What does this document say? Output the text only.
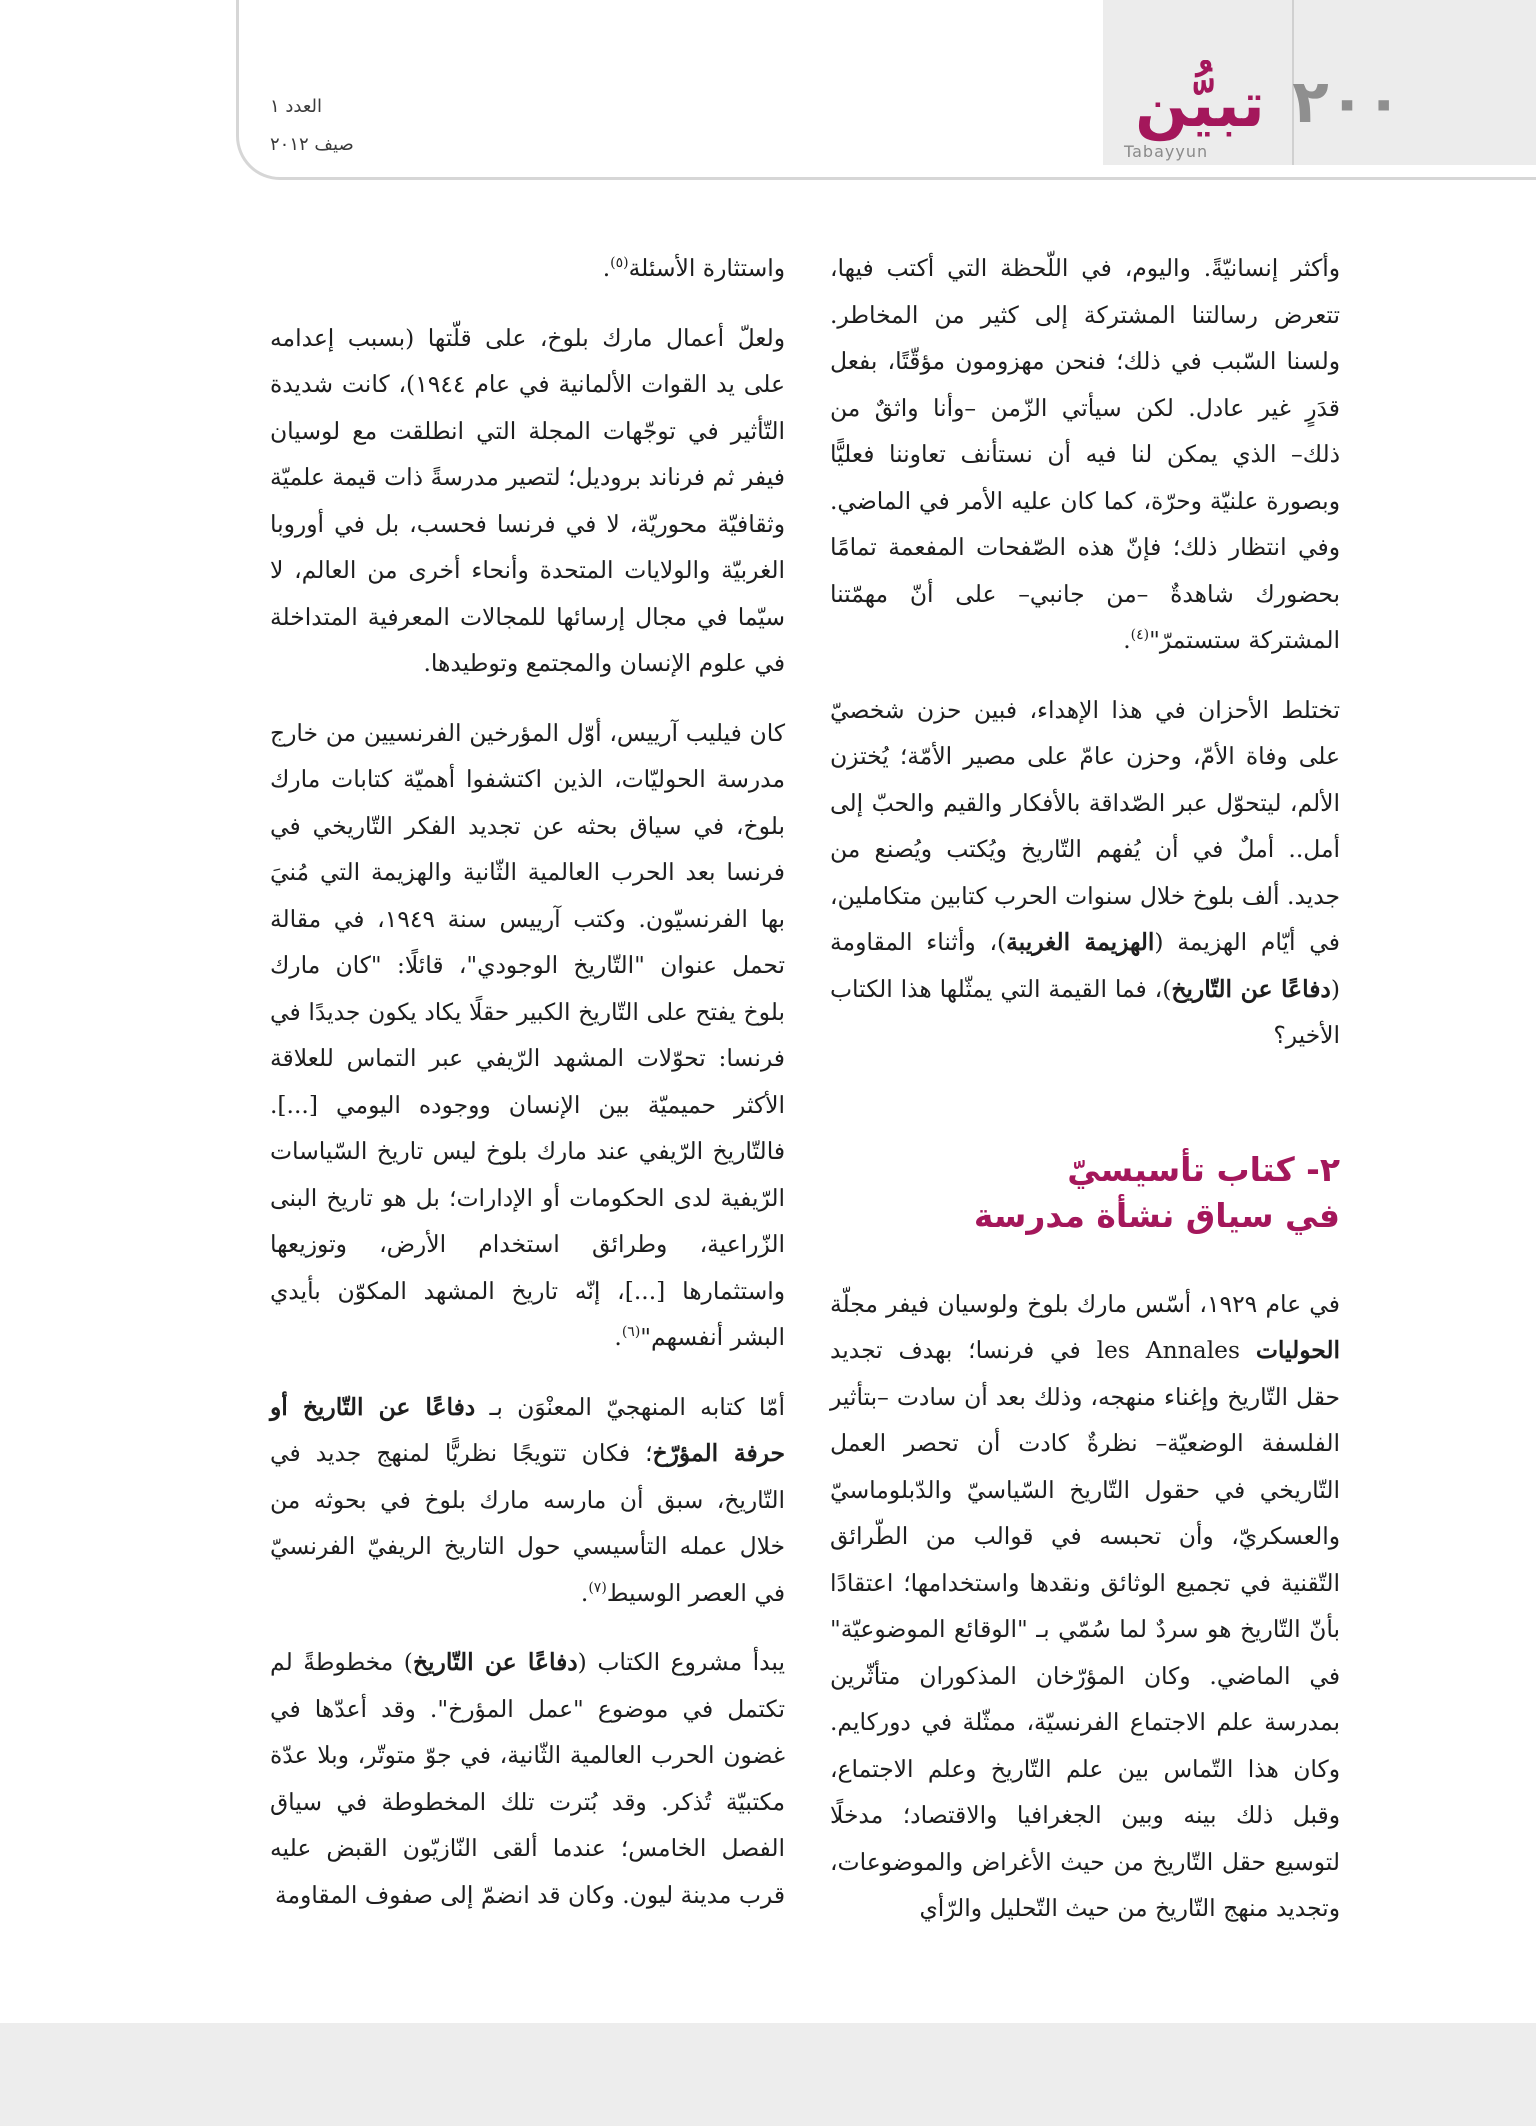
٢٠٠
تبيُّن
Tabayyun
العدد ١
صيف ٢٠١٢

وأكثر إنسانيّةً. واليوم، في اللّحظة التي أكتب فيها، تتعرض رسالتنا المشتركة إلى كثير من المخاطر. ولسنا السّبب في ذلك؛ فنحن مهزومون مؤقّتًا، بفعل قدَرٍ غير عادل. لكن سيأتي الزّمن –وأنا واثقٌ من ذلك– الذي يمكن لنا فيه أن نستأنف تعاوننا فعليًّا وبصورة علنيّة وحرّة، كما كان عليه الأمر في الماضي. وفي انتظار ذلك؛ فإنّ هذه الصّفحات المفعمة تمامًا بحضورك شاهدةٌ –من جانبي– على أنّ مهمّتنا المشتركة ستستمرّ"$^{(٤)}$.

تختلط الأحزان في هذا الإهداء، فبين حزن شخصيّ على وفاة الأمّ، وحزن عامّ على مصير الأمّة؛ يُختزن الألم، ليتحوّل عبر الصّداقة بالأفكار والقيم والحبّ إلى أمل.. أملٌ في أن يُفهم التّاريخ ويُكتب ويُصنع من جديد. ألف بلوخ خلال سنوات الحرب كتابين متكاملين، في أيّام الهزيمة (الهزيمة الغريبة)، وأثناء المقاومة (دفاعًا عن التّاريخ)، فما القيمة التي يمثّلها هذا الكتاب الأخير؟

٢- كتاب تأسيسيّ
في سياق نشأة مدرسة

في عام ١٩٢٩، أسّس مارك بلوخ ولوسيان فيفر مجلّة الحوليات les Annales في فرنسا؛ بهدف تجديد حقل التّاريخ وإغناء منهجه، وذلك بعد أن سادت –بتأثير الفلسفة الوضعيّة– نظرةٌ كادت أن تحصر العمل التّاريخي في حقول التّاريخ السّياسيّ والدّبلوماسيّ والعسكريّ، وأن تحبسه في قوالب من الطّرائق التّقنية في تجميع الوثائق ونقدها واستخدامها؛ اعتقادًا بأنّ التّاريخ هو سردٌ لما سُمّي بـ "الوقائع الموضوعيّة" في الماضي. وكان المؤرّخان المذكوران متأثّرين بمدرسة علم الاجتماع الفرنسيّة، ممثّلة في دوركايم. وكان هذا التّماس بين علم التّاريخ وعلم الاجتماع، وقبل ذلك بينه وبين الجغرافيا والاقتصاد؛ مدخلًا لتوسيع حقل التّاريخ من حيث الأغراض والموضوعات، وتجديد منهج التّاريخ من حيث التّحليل والرّأي

واستثارة الأسئلة$^{(٥)}$.

ولعلّ أعمال مارك بلوخ، على قلّتها (بسبب إعدامه على يد القوات الألمانية في عام ١٩٤٤)، كانت شديدة التّأثير في توجّهات المجلة التي انطلقت مع لوسيان فيفر ثم فرناند بروديل؛ لتصير مدرسةً ذات قيمة علميّة وثقافيّة محوريّة، لا في فرنسا فحسب، بل في أوروبا الغربيّة والولايات المتحدة وأنحاء أخرى من العالم، لا سيّما في مجال إرسائها للمجالات المعرفية المتداخلة في علوم الإنسان والمجتمع وتوطيدها.

كان فيليب آرييس، أوّل المؤرخين الفرنسيين من خارج مدرسة الحوليّات، الذين اكتشفوا أهميّة كتابات مارك بلوخ، في سياق بحثه عن تجديد الفكر التّاريخي في فرنسا بعد الحرب العالمية الثّانية والهزيمة التي مُنيَ بها الفرنسيّون. وكتب آرييس سنة ١٩٤٩، في مقالة تحمل عنوان "التّاريخ الوجودي"، قائلًا: "كان مارك بلوخ يفتح على التّاريخ الكبير حقلًا يكاد يكون جديدًا في فرنسا: تحوّلات المشهد الرّيفي عبر التماس للعلاقة الأكثر حميميّة بين الإنسان ووجوده اليومي [...]. فالتّاريخ الرّيفي عند مارك بلوخ ليس تاريخ السّياسات الرّيفية لدى الحكومات أو الإدارات؛ بل هو تاريخ البنى الزّراعية، وطرائق استخدام الأرض، وتوزيعها واستثمارها [...]، إنّه تاريخ المشهد المكوّن بأيدي البشر أنفسهم"$^{(٦)}$.

أمّا كتابه المنهجيّ المعنْوَن بـ دفاعًا عن التّاريخ أو حرفة المؤرّخ؛ فكان تتويجًا نظريًّا لمنهج جديد في التّاريخ، سبق أن مارسه مارك بلوخ في بحوثه من خلال عمله التأسيسي حول التاريخ الريفيّ الفرنسيّ في العصر الوسيط$^{(٧)}$.

يبدأ مشروع الكتاب (دفاعًا عن التّاريخ) مخطوطةً لم تكتمل في موضوع "عمل المؤرخ". وقد أعدّها في غضون الحرب العالمية الثّانية، في جوّ متوتّر، وبلا عدّة مكتبيّة تُذكر. وقد بُترت تلك المخطوطة في سياق الفصل الخامس؛ عندما ألقى النّازيّون القبض عليه قرب مدينة ليون. وكان قد انضمّ إلى صفوف المقاومة
